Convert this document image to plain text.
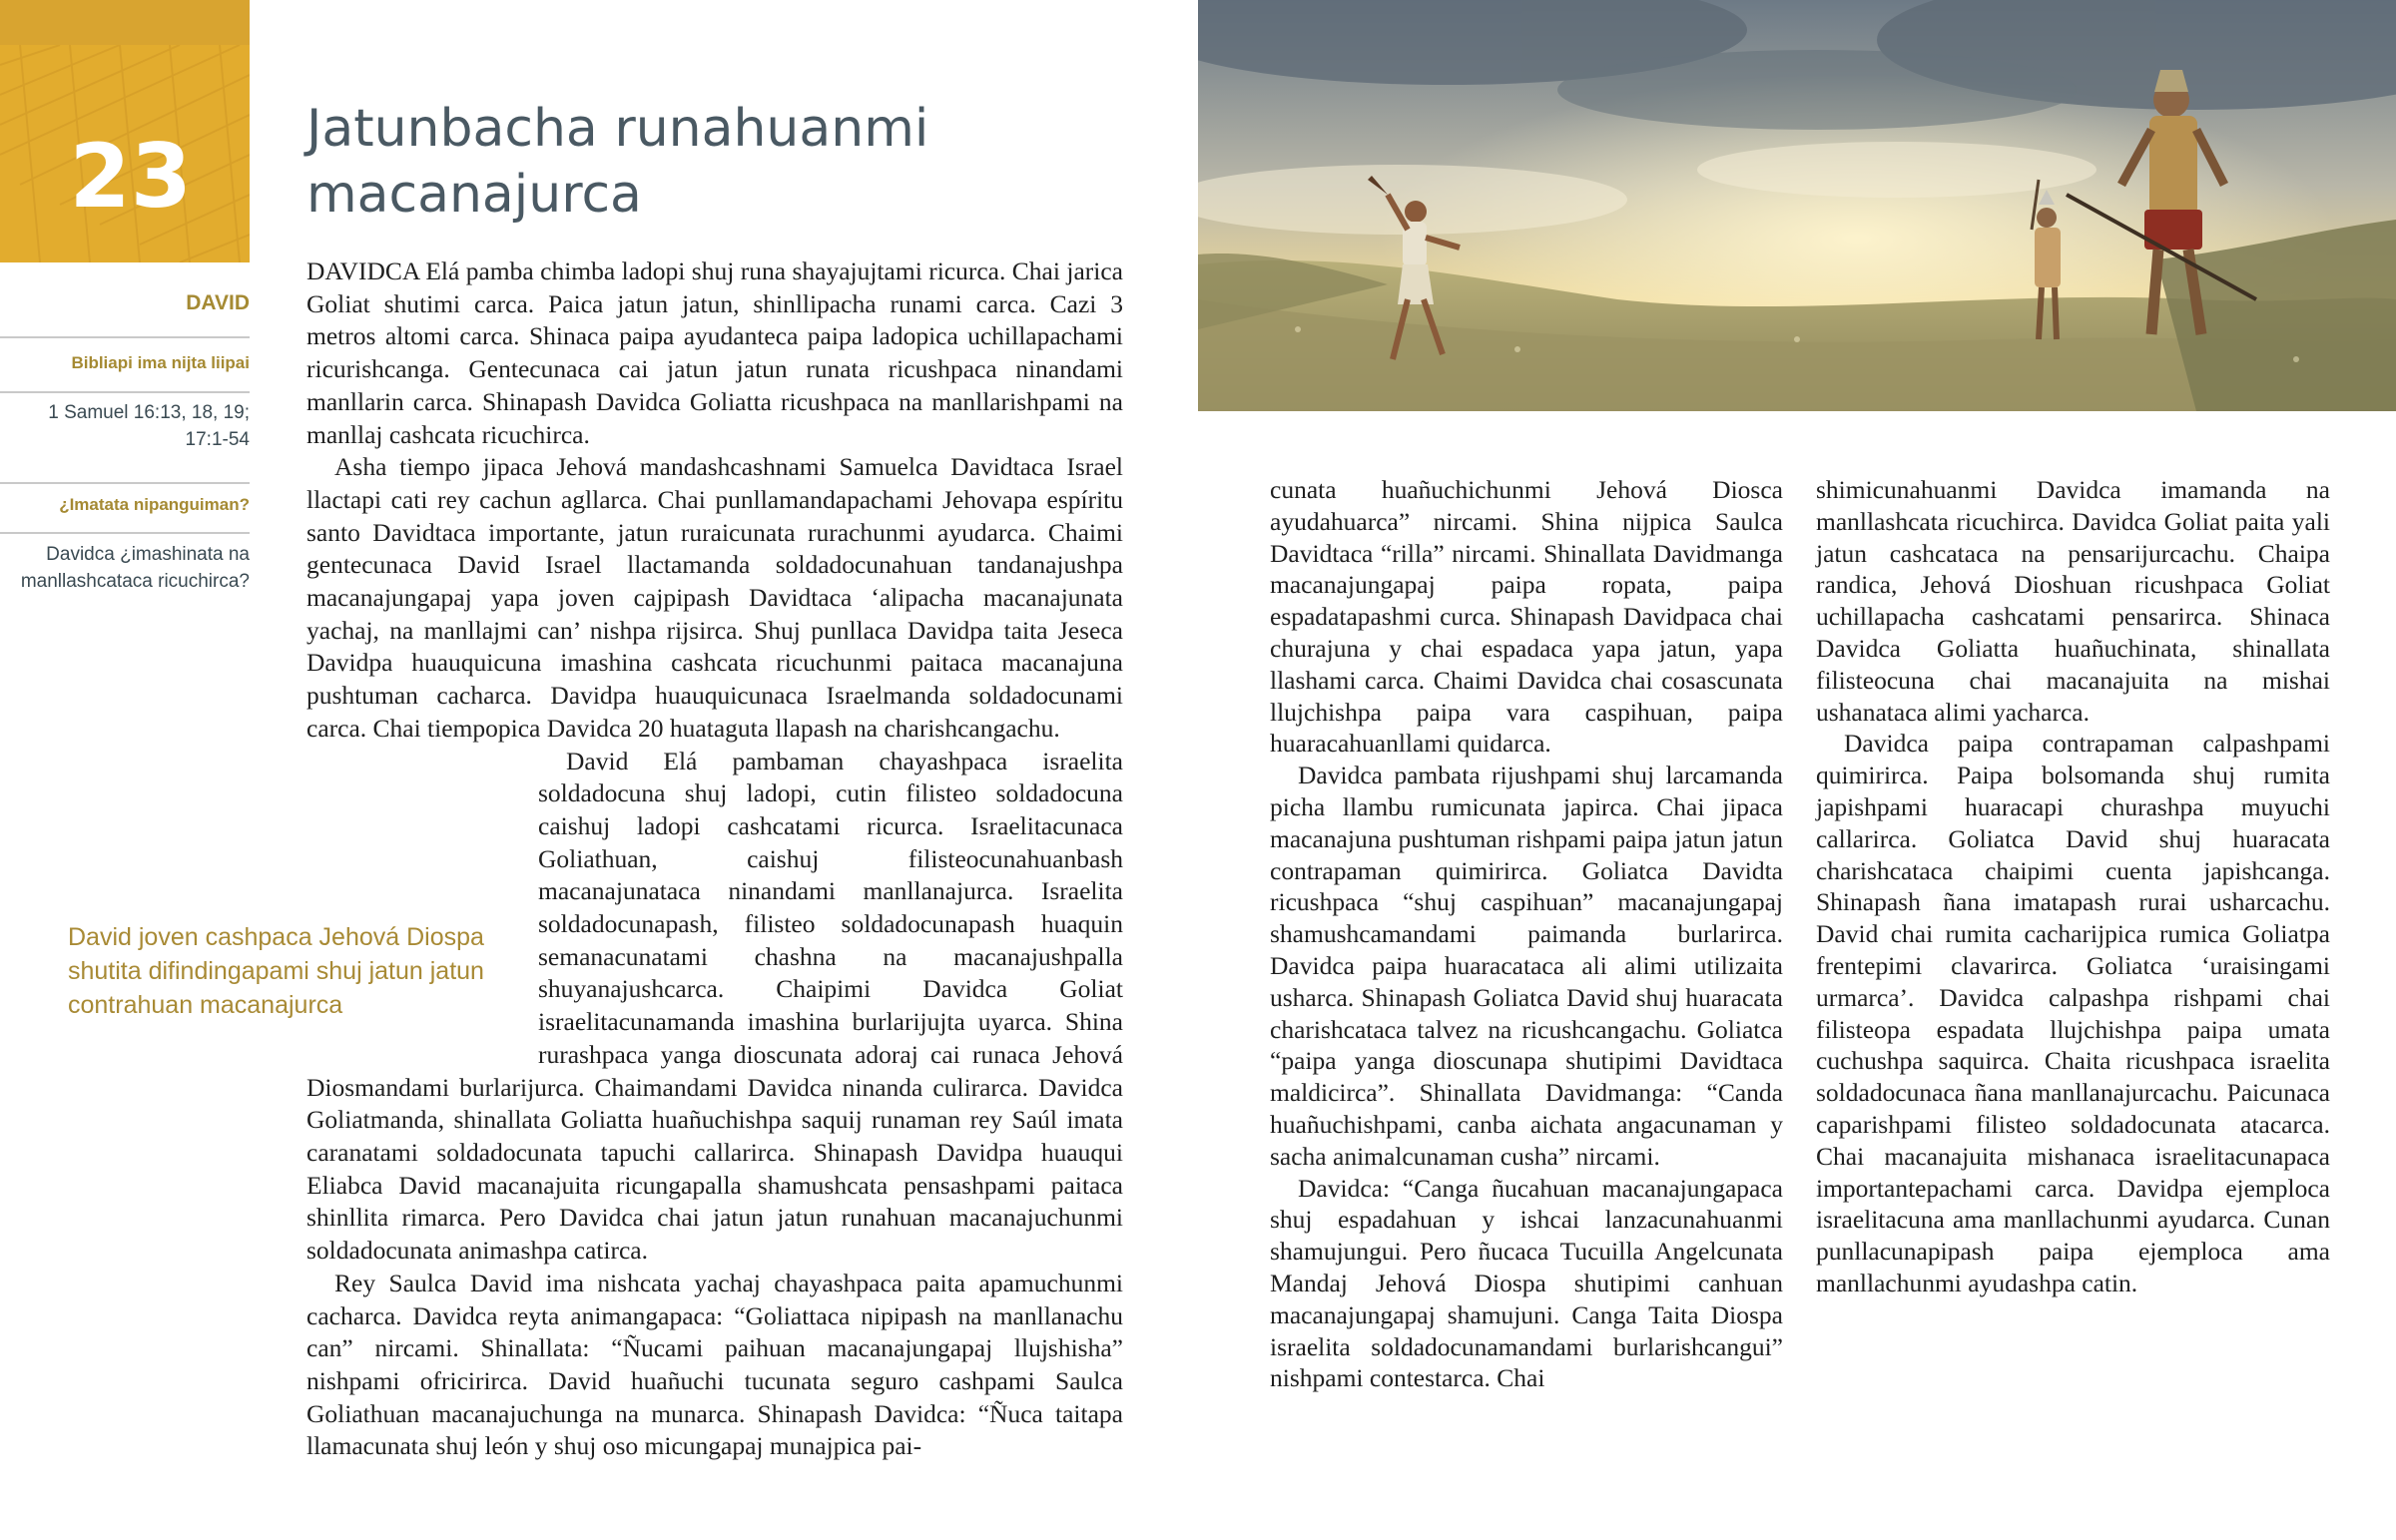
23
DAVID
Bibliapi ima nijta liipai
1 Samuel 16:13, 18, 19; 17:1-54
¿Imatata nipanguiman?
Davidca ¿imashinata na manllashcataca ricuchirca?
Jatunbacha runahuanmi macanajurca

DAVIDCA Elá pamba chimba ladopi shuj runa shayajujtami ricurca. Chai jarica Goliat shutimi carca. Paica jatun jatun, shinllipacha runami carca. Cazi 3 metros altomi carca. Shinaca paipa ayudanteca paipa ladopica uchillapachami ricurishcanga. Gentecunaca cai jatun jatun runata ricushpaca ninandami manllarin carca. Shinapash Davidca Goliatta ricushpaca na manllarishpami na manllaj cashcata ricuchirca.

Asha tiempo jipaca Jehová mandashcashnami Samuelca Davidtaca Israel llactapi cati rey cachun agllarca. Chai punllamandapachami Jehovapa espíritu santo Davidtaca importante, jatun ruraicunata rurachunmi ayudarca. Chaimi gentecunaca David Israel llactamanda soldadocunahuan tandanajushpa macanajungapaj yapa joven cajpipash Davidtaca ‘alipacha macanajunata yachaj, na manllajmi can’ nishpa rijsirca. Shuj punllaca Davidpa taita Jeseca Davidpa huauquicuna imashina cashcata ricuchunmi paitaca macanajuna pushtuman cacharca. Davidpa huauquicunaca Israelmanda soldadocunami carca. Chai tiempopica Davidca 20 huataguta llapash na charishcangachu.

David Elá pambaman chayashpaca israelita soldadocuna shuj ladopi, cutin filisteo soldadocuna caishuj ladopi cashcatami ricurca. Israelitacunaca Goliathuan, caishuj filisteocunahuanbash macanajunataca ninandami manllanajurca. Israelita soldadocunapash, filisteo soldadocunapash huaquin semanacunatami chashna na macanajushpalla shuyanajushcarca. Chaipimi Davidca Goliat israelitacunamanda imashina burlarijujta uyarca. Shina rurashpaca yanga dioscunata adoraj cai runaca Jehová Diosmandami burlarijurca. Chaimandami Davidca ninanda culirarca. Davidca Goliatmanda, shinallata Goliatta huañuchishpa saquij runaman rey Saúl imata caranatami soldadocunata tapuchi callarirca. Shinapash Davidpa huauqui Eliabca David macanajuita ricungapalla shamushcata pensashpami paitaca shinllita rimarca. Pero Davidca chai jatun jatun runahuan macanajuchunmi soldadocunata animashpa catirca.

Rey Saulca David ima nishcata yachaj chayashpaca paita apamuchunmi cacharca. Davidca reyta animangapaca: “Goliattaca nipipash na manllanachu can” nircami. Shinallata: “Ñucami paihuan macanajungapaj llujshisha” nishpami ofricirirca. David huañuchi tucunata seguro cashpami Saulca Goliathuan macanajuchunga na munarca. Shinapash Davidca: “Ñuca taitapa llamacunata shuj león y shuj oso micungapaj munajpica pai-

David joven cashpaca Jehová Diospa shutita difindingapami shuj jatun jatun contrahuan macanajurca

cunata huañuchichunmi Jehová Diosca ayudahuarca” nircami. Shina nijpica Saulca Davidtaca “rilla” nircami. Shinallata Davidmanga macanajungapaj paipa ropata, paipa espadatapashmi curca. Shinapash Davidpaca chai churajuna y chai espadaca yapa jatun, yapa llashami carca. Chaimi Davidca chai cosascunata llujchishpa paipa vara caspihuan, paipa huaracahuanllami quidarca.

Davidca pambata rijushpami shuj larcamanda picha llambu rumicunata japirca. Chai jipaca macanajuna pushtuman rishpami paipa jatun jatun contrapaman quimirirca. Goliatca Davidta ricushpaca “shuj caspihuan” macanajungapaj shamushcamandami paimanda burlarirca. Davidca paipa huaracataca ali alimi utilizaita usharca. Shinapash Goliatca David shuj huaracata charishcataca talvez na ricushcangachu. Goliatca “paipa yanga dioscunapa shutipimi Davidtaca maldicirca”. Shinallata Davidmanga: “Canda huañuchishpami, canba aichata angacunaman y sacha animalcunaman cusha” nircami.

Davidca: “Canga ñucahuan macanajungapaca shuj espadahuan y ishcai lanzacunahuanmi shamujungui. Pero ñucaca Tucuilla Angelcunata Mandaj Jehová Diospa shutipimi canhuan macanajungapaj shamujuni. Canga Taita Diospa israelita soldadocunamandami burlarishcangui” nishpami contestarca. Chai

shimicunahuanmi Davidca imamanda na manllashcata ricuchirca. Davidca Goliat paita yali jatun cashcataca na pensarijurcachu. Chaipa randica, Jehová Dioshuan ricushpaca Goliat uchillapacha cashcatami pensarirca. Shinaca Davidca Goliatta huañuchinata, shinallata filisteocuna chai macanajuita na mishai ushanataca alimi yacharca.

Davidca paipa contrapaman calpashpami quimirirca. Paipa bolsomanda shuj rumita japishpami huaracapi churashpa muyuchi callarirca. Goliatca David shuj huaracata charishcataca chaipimi cuenta japishcanga. Shinapash ñana imatapash rurai usharcachu. David chai rumita cacharijpica rumica Goliatpa frentepimi clavarirca. Goliatca ‘uraisingami urmarca’. Davidca calpashpa rishpami chai filisteopa espadata llujchishpa paipa umata cuchushpa saquirca. Chaita ricushpaca israelita soldadocunaca ñana manllanajurcachu. Paicunaca caparishpami filisteo soldadocunata atacarca. Chai macanajuita mishanaca israelitacunapaca importantepachami carca. Davidpa ejemploca israelitacuna ama manllachunmi ayudarca. Cunan punllacunapipash paipa ejemploca ama manllachunmi ayudashpa catin.
